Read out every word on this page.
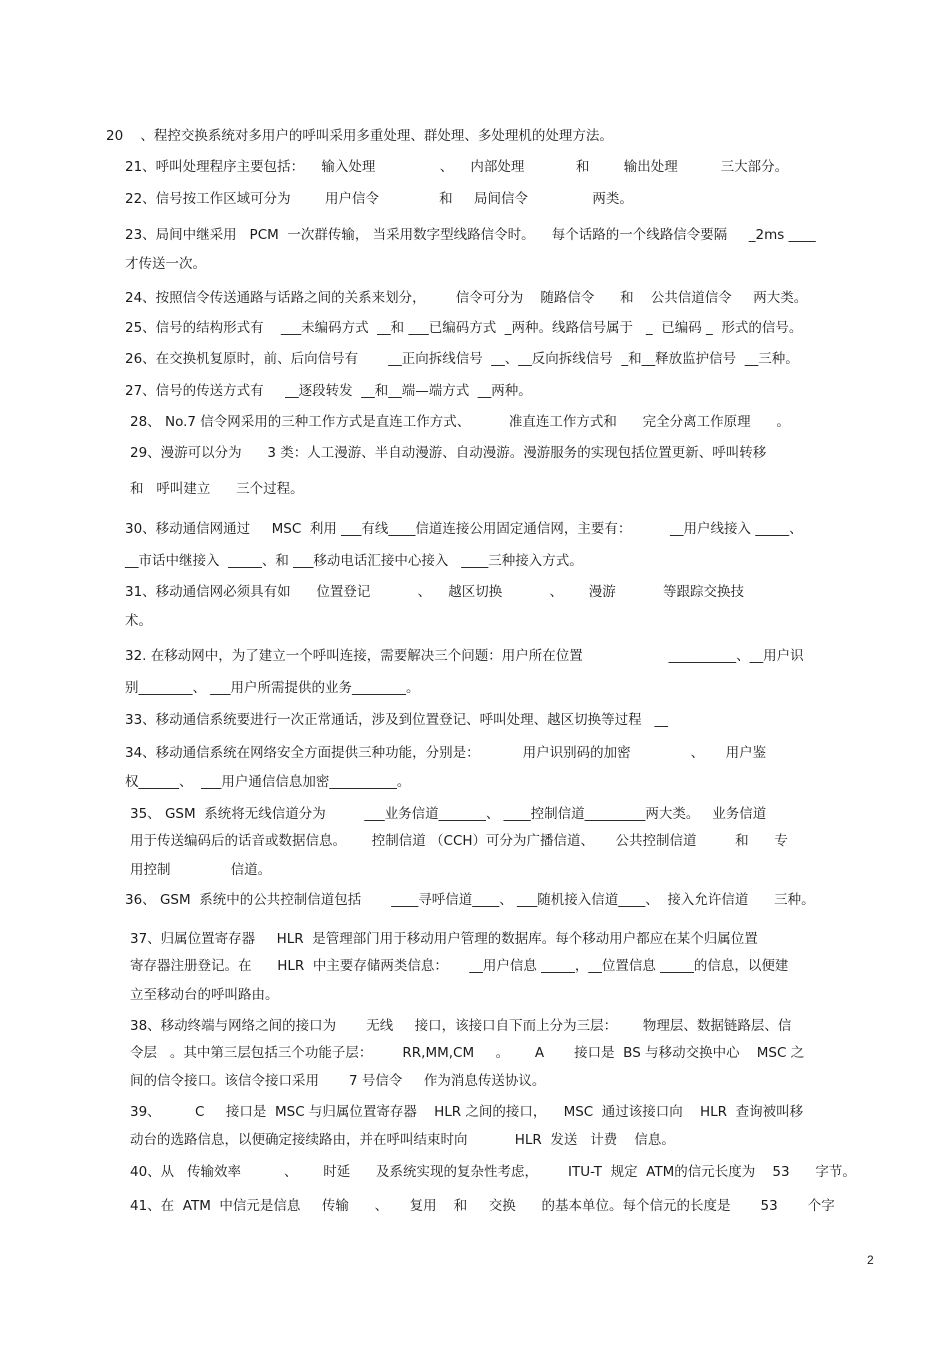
20    、程控交换系统对多用户的呼叫采用多重处理、群处理、多处理机的处理方法。
21、呼叫处理程序主要包括：    输入处理               、    内部处理            和        输出处理          三大部分。
22、信号按工作区域可分为        用户信令              和     局间信令               两类。
23、局间中继采用   PCM  一次群传输， 当采用数字型线路信令时。    每个话路的一个线路信令要隔     _2ms ____
才传送一次。
24、按照信令传送通路与话路之间的关系来划分，       信令可分为    随路信令      和    公共信道信令     两大类。
25、信号的结构形式有    ___未编码方式  __和 ___已编码方式  _两种。线路信号属于   _  已编码 _  形式的信号。
26、在交换机复原时，前、后向信号有       __正向拆线信号  __、__反向拆线信号  _和__释放监护信号  __三种。
27、信号的传送方式有     __逐段转发  __和__端—端方式  __两种。
28、 No.7 信令网采用的三种工作方式是直连工作方式、         准直连工作方式和      完全分离工作原理      。
29、漫游可以分为      3 类：人工漫游、半自动漫游、自动漫游。漫游服务的实现包括位置更新、呼叫转移
和   呼叫建立      三个过程。
30、移动通信网通过     MSC  利用 ___有线____信道连接公用固定通信网，主要有：         __用户线接入 _____、
__市话中继接入  _____、和 ___移动电话汇接中心接入   ____三种接入方式。
31、移动通信网必须具有如      位置登记           、    越区切换           、      漫游           等跟踪交换技
术。
32. 在移动网中，为了建立一个呼叫连接，需要解决三个问题：用户所在位置                    __________、__用户识
别________、 ___用户所需提供的业务________。
33、移动通信系统要进行一次正常通话，涉及到位置登记、呼叫处理、越区切换等过程   __
34、移动通信系统在网络安全方面提供三种功能，分别是：          用户识别码的加密              、     用户鉴
权______、  ___用户通信信息加密__________。
35、 GSM  系统将无线信道分为         ___业务信道_______、 ____控制信道_________两大类。   业务信道
用于传送编码后的话音或数据信息。      控制信道 （CCH）可分为广播信道、     公共控制信道         和      专
用控制              信道。
36、 GSM  系统中的公共控制信道包括       ____寻呼信道____、 ___随机接入信道____、  接入允许信道      三种。
37、归属位置寄存器     HLR  是管理部门用于移动用户管理的数据库。每个移动用户都应在某个归属位置
寄存器注册登记。在      HLR  中主要存储两类信息：     __用户信息 _____，__位置信息 _____的信息，以便建
立至移动台的呼叫路由。
38、移动终端与网络之间的接口为       无线     接口，该接口自下而上分为三层：      物理层、数据链路层、信
令层   。其中第三层包括三个功能子层：       RR,MM,CM     。      A       接口是  BS 与移动交换中心    MSC 之
间的信令接口。该信令接口采用       7 号信令     作为消息传送协议。
39、        C     接口是  MSC 与归属位置寄存器    HLR 之间的接口，    MSC  通过该接口向    HLR  查询被叫移
动台的选路信息，以便确定接续路由，并在呼叫结束时向           HLR  发送   计费    信息。
40、从   传输效率          、      时延      及系统实现的复杂性考虑，       ITU-T  规定  ATM的信元长度为    53      字节。
41、在  ATM  中信元是信息     传输      、     复用    和     交换      的基本单位。每个信元的长度是       53       个字
2
